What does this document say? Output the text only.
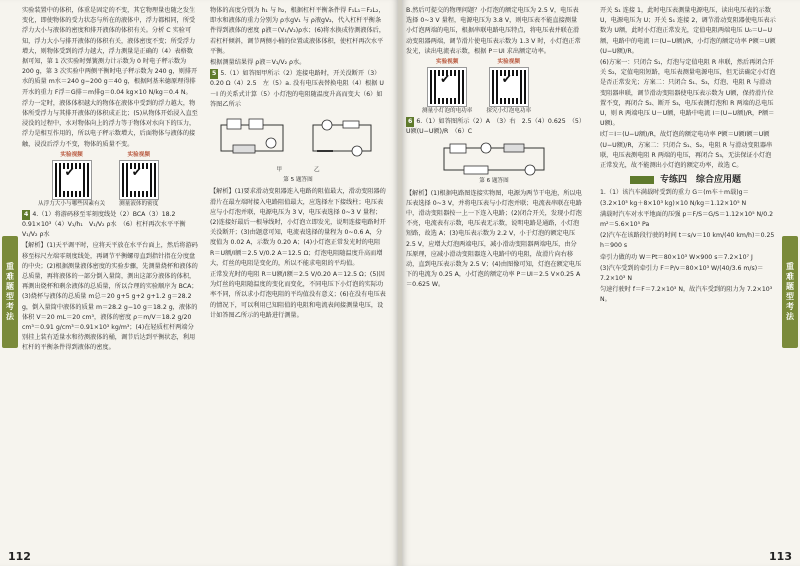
实验装置中的体积，体重是固定的不变，其它物理量也随之发生变化，即使物体的受力状态与所在的液体中，浮力都相同，所受浮力大小与液体的密度和排开液体的体积有关。分析 C 实验可知，浮力大小与排开液体的体积有关，液体密度不变；所受浮力增大，则物体受到的浮力越大，浮力测量是正确的（4）表格数据可知，第 1 次实验时弹簧测力计示数为 0 时电子秤示数为 200 g，第 3 次实验中两侧平衡时电子秤示数为 240 g，则排开水的质量 m水＝240 g−200 g＝40 g，根据阿基米德原理得排开水的重力 F浮＝G排＝m排g＝0.04 kg×10 N/kg＝0.4 N。

浮力一定时，液体体积越大的物体在液体中受到的浮力越大，物体所受浮力与其排开液体的体积成正比；(5)从物体开始浸入直至浸没的过程中，水对物体向上的浮力等于物体对水向下的压力，浮力是相互作用的，所以电子秤示数增大，后面物体与液体的接触，浸没后浮力不变，物体的质量不变。

实验视频
✔
从浮力大小与哪些因素有关
实验视频
✔
测量液体的密度

4 4.（1）将游码移至零刻度线处（2）BCA（3）18.2　0.91×10³（4）V₁/h₁　V₁/V₂ ρ水　（6）杠杆再次水平平衡　V₁/V₂ ρ水

【解析】(1)天平调平时，应将天平放在水平台面上，然后将游码移至标尺左端零刻度线处，再调节平衡螺母直到指针指在分度盘的中央；(2)根据测量液体密度的实验步骤，先测量烧杯和液体的总质量，再将液体的一部分倒入量筒，测出这部分液体的体积，再测出烧杯和剩余液体的总质量，所以合理的实验顺序为 BCA；(3)烧杯与液体的总质量 m总＝20 g+5 g+2 g+1.2 g＝28.2 g，倒入量筒中液体的质量 m＝28.2 g−10 g＝18.2 g，液体的体积 V＝20 mL＝20 cm³，液体的密度 ρ＝m/V＝18.2 g/20 cm³＝0.91 g/cm³＝0.91×10³ kg/m³；(4)在轻质杠杆两端分别挂上装有适量水和待测液体的桶，调节后达到平衡状态，利用杠杆的平衡条件得到液体的密度。

物体的高度分别为 h₁ 与 h₂，根据杠杆平衡条件得 F₁L₁＝F₂L₂，即水和液体的重力分别为 ρ水gV₁ 与 ρ液gV₂，代入杠杆平衡条件得到液体的密度 ρ液＝(V₁/V₂)ρ水；(6)将水换成待测液体后，若杠杆倾斜，调节两侧小桶的位置或液体体积，使杠杆再次水平平衡。

根据测量结果得 ρ液＝V₁/V₂ ρ水。

5 5.（1）如答图甲所示（2）连接电路时，开关没断开（3）0.20 Ω（4）2.5　左（5）a. 没有电压表替换电阻（4）根据 U－I 的关系式计算（5）小灯泡的电阻随温度升高而变大（6）如答图乙所示

甲	乙
第 5 题答图

【解析】(1)要求滑动变阻器连入电路的阻值最大，滑动变阻器的滑片在最左端时接入电路阻值最大，应选择左下接线柱；电压表应与小灯泡并联，电源电压为 3 V，电压表选择 0~3 V 量程；(2)连接好最后一根导线时，小灯泡立即发光，说明连接电路时开关没断开；(3)由题意可知，电流表选择的量程为 0~0.6 A，分度值为 0.02 A，示数为 0.20 A；(4)小灯泡正常发光时的电阻 R＝U额/I额＝2.5 V/0.2 A＝12.5 Ω；灯泡电阻随温度升高而增大，灯丝的电阻是变化的，所以不能求电阻的平均值。

正常发光时的电阻 R＝U额/I额＝2.5 V/0.20 A＝12.5 Ω；(5)因为灯丝的电阻随温度的变化而变化，不同电压下小灯泡的实际功率不同，所以求小灯泡电阻的平均值没有意义；(6)在没有电压表的情况下，可以利用已知阻值的电阻和电流表间接测量电压，设计如答图乙所示的电路进行测量。

重难题型考法
112

B.然后可提交的物理问题？小灯泡的额定电压为 2.5 V，电压表选择 0~3 V 量程，电源电压为 3.8 V，则电压表不能直接测量小灯泡两端的电压，根据串联电路电压特点，将电压表并联在滑动变阻器两端，调节滑片使电压表示数为 1.3 V 时，小灯泡正常发光，读出电流表示数，根据 P＝UI 求出额定功率。

实验视频
✔
测量小灯泡的电功率
实验视频
✔
探究小灯泡电功率

6 6.（1）如答图所示（2）A　（3）右　2.5（4）0.625　（5）U额(U−U额)/R　（6）C

第 6 题答图

【解析】(1)根据电路图连接实物图，电源为两节干电池，所以电压表选择 0~3 V，并将电压表与小灯泡并联；电流表串联在电路中，滑动变阻器按一上一下连入电路；(2)闭合开关，发现小灯泡不亮，电流表有示数，电压表无示数，说明电路是通路，小灯泡短路，故选 A；(3)电压表示数为 2.2 V，小于灯泡的额定电压 2.5 V，应增大灯泡两端电压，减小滑动变阻器两端电压，由分压原理，应减小滑动变阻器连入电路中的电阻，故滑片向右移动，直到电压表示数为 2.5 V；(4)由图像可知，灯泡在额定电压下的电流为 0.25 A，小灯泡的额定功率 P＝UI＝2.5 V×0.25 A＝0.625 W。

开关 S₁ 连接 1，此时电压表测量电源电压，读出电压表的示数 U，电源电压为 U；开关 S₁ 连接 2，调节滑动变阻器使电压表示数为 U额，此时小灯泡正常发光，定值电阻两端电压 U₀＝U−U额，电路中的电流 I＝(U−U额)/R，小灯泡的额定功率 P额＝U额(U−U额)/R。

(6)方案一：只闭合 S₁，灯泡与定值电阻 R 串联，然后再闭合开关 S₂，定值电阻短路，电压表测量电源电压，但无法确定小灯泡是否正常发光；方案二：只闭合 S₁、S₃，灯泡、电阻 R 与滑动变阻器串联，调节滑动变阻器使电压表示数为 U额，保持滑片位置不变，再闭合 S₂、断开 S₃，电压表测灯泡和 R 两端的总电压 U，则 R 两端电压 U－U额，电路中电流 I＝(U−U额)/R，P额＝U额I。

I灯＝I＝(U−U额)/R，故灯泡的额定电功率 P额＝U额I额＝U额(U−U额)/R，方案二：只闭合 S₁、S₂，电阻 R 与滑动变阻器串联，电压表测电阻 R 两端的电压，再闭合 S₃，无法保证小灯泡正常发光，故不能测出小灯泡的额定功率，故选 C。

专练四　综合应用题

1.（1）该汽车满载时受到的重力 G＝(m车＋m载)g＝(3.2×10³ kg＋8×10³ kg)×10 N/kg＝1.12×10⁵ N

满载时汽车对水平地面的压强 p＝F/S＝G/S＝1.12×10⁵ N/0.2 m²＝5.6×10⁵ Pa

(2)汽车在该路段行驶的时间 t＝s/v＝10 km/(40 km/h)＝0.25 h＝900 s

牵引力做的功 W＝Pt＝80×10³ W×900 s＝7.2×10⁷ J

(3)汽车受到的牵引力 F＝P/v＝80×10³ W/(40/3.6 m/s)＝7.2×10³ N

匀速行驶时 f＝F＝7.2×10³ N，故汽车受到的阻力为 7.2×10³ N。	重难题型考法
113
